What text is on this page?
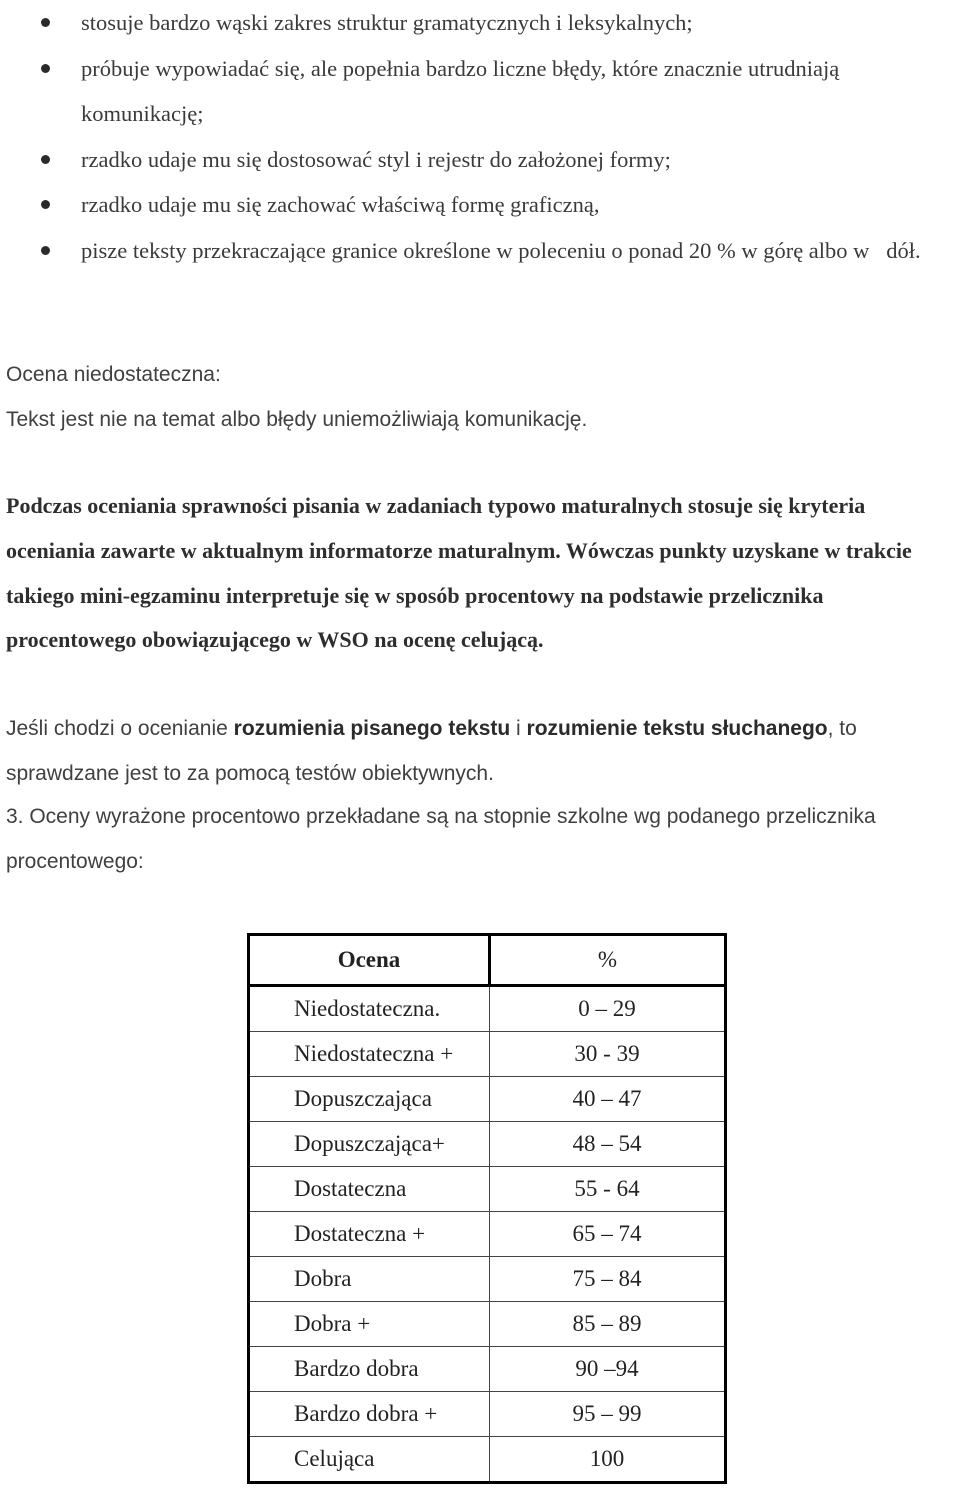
stosuje bardzo wąski zakres struktur gramatycznych i leksykalnych;
próbuje wypowiadać się, ale popełnia bardzo liczne błędy, które znacznie utrudniają komunikację;
rzadko udaje mu się dostosować styl i rejestr do założonej formy;
rzadko udaje mu się zachować właściwą formę graficzną,
pisze teksty przekraczające granice określone w poleceniu o ponad 20 % w górę albo w   dół.
Ocena niedostateczna:
Tekst jest nie na temat albo błędy uniemożliwiają komunikację.
Podczas oceniania sprawności pisania w zadaniach typowo maturalnych stosuje się kryteria oceniania zawarte w aktualnym informatorze maturalnym. Wówczas punkty uzyskane w trakcie takiego mini-egzaminu interpretuje się w sposób procentowy na podstawie przelicznika procentowego obowiązującego w WSO na ocenę celującą.
Jeśli chodzi o ocenianie rozumienia pisanego tekstu i rozumienie tekstu słuchanego, to sprawdzane jest to za pomocą testów obiektywnych.
3. Oceny wyrażone procentowo przekładane są na stopnie szkolne wg podanego przelicznika procentowego:
Ocena	%
Niedostateczna.	0 – 29
Niedostateczna +	30 - 39
Dopuszczająca	40 – 47
Dopuszczająca+	48 – 54
Dostateczna	55 - 64
Dostateczna +	65 – 74
Dobra	75 – 84
Dobra +	85 – 89
Bardzo dobra	90 –94
Bardzo dobra +	95 – 99
Celująca	100
